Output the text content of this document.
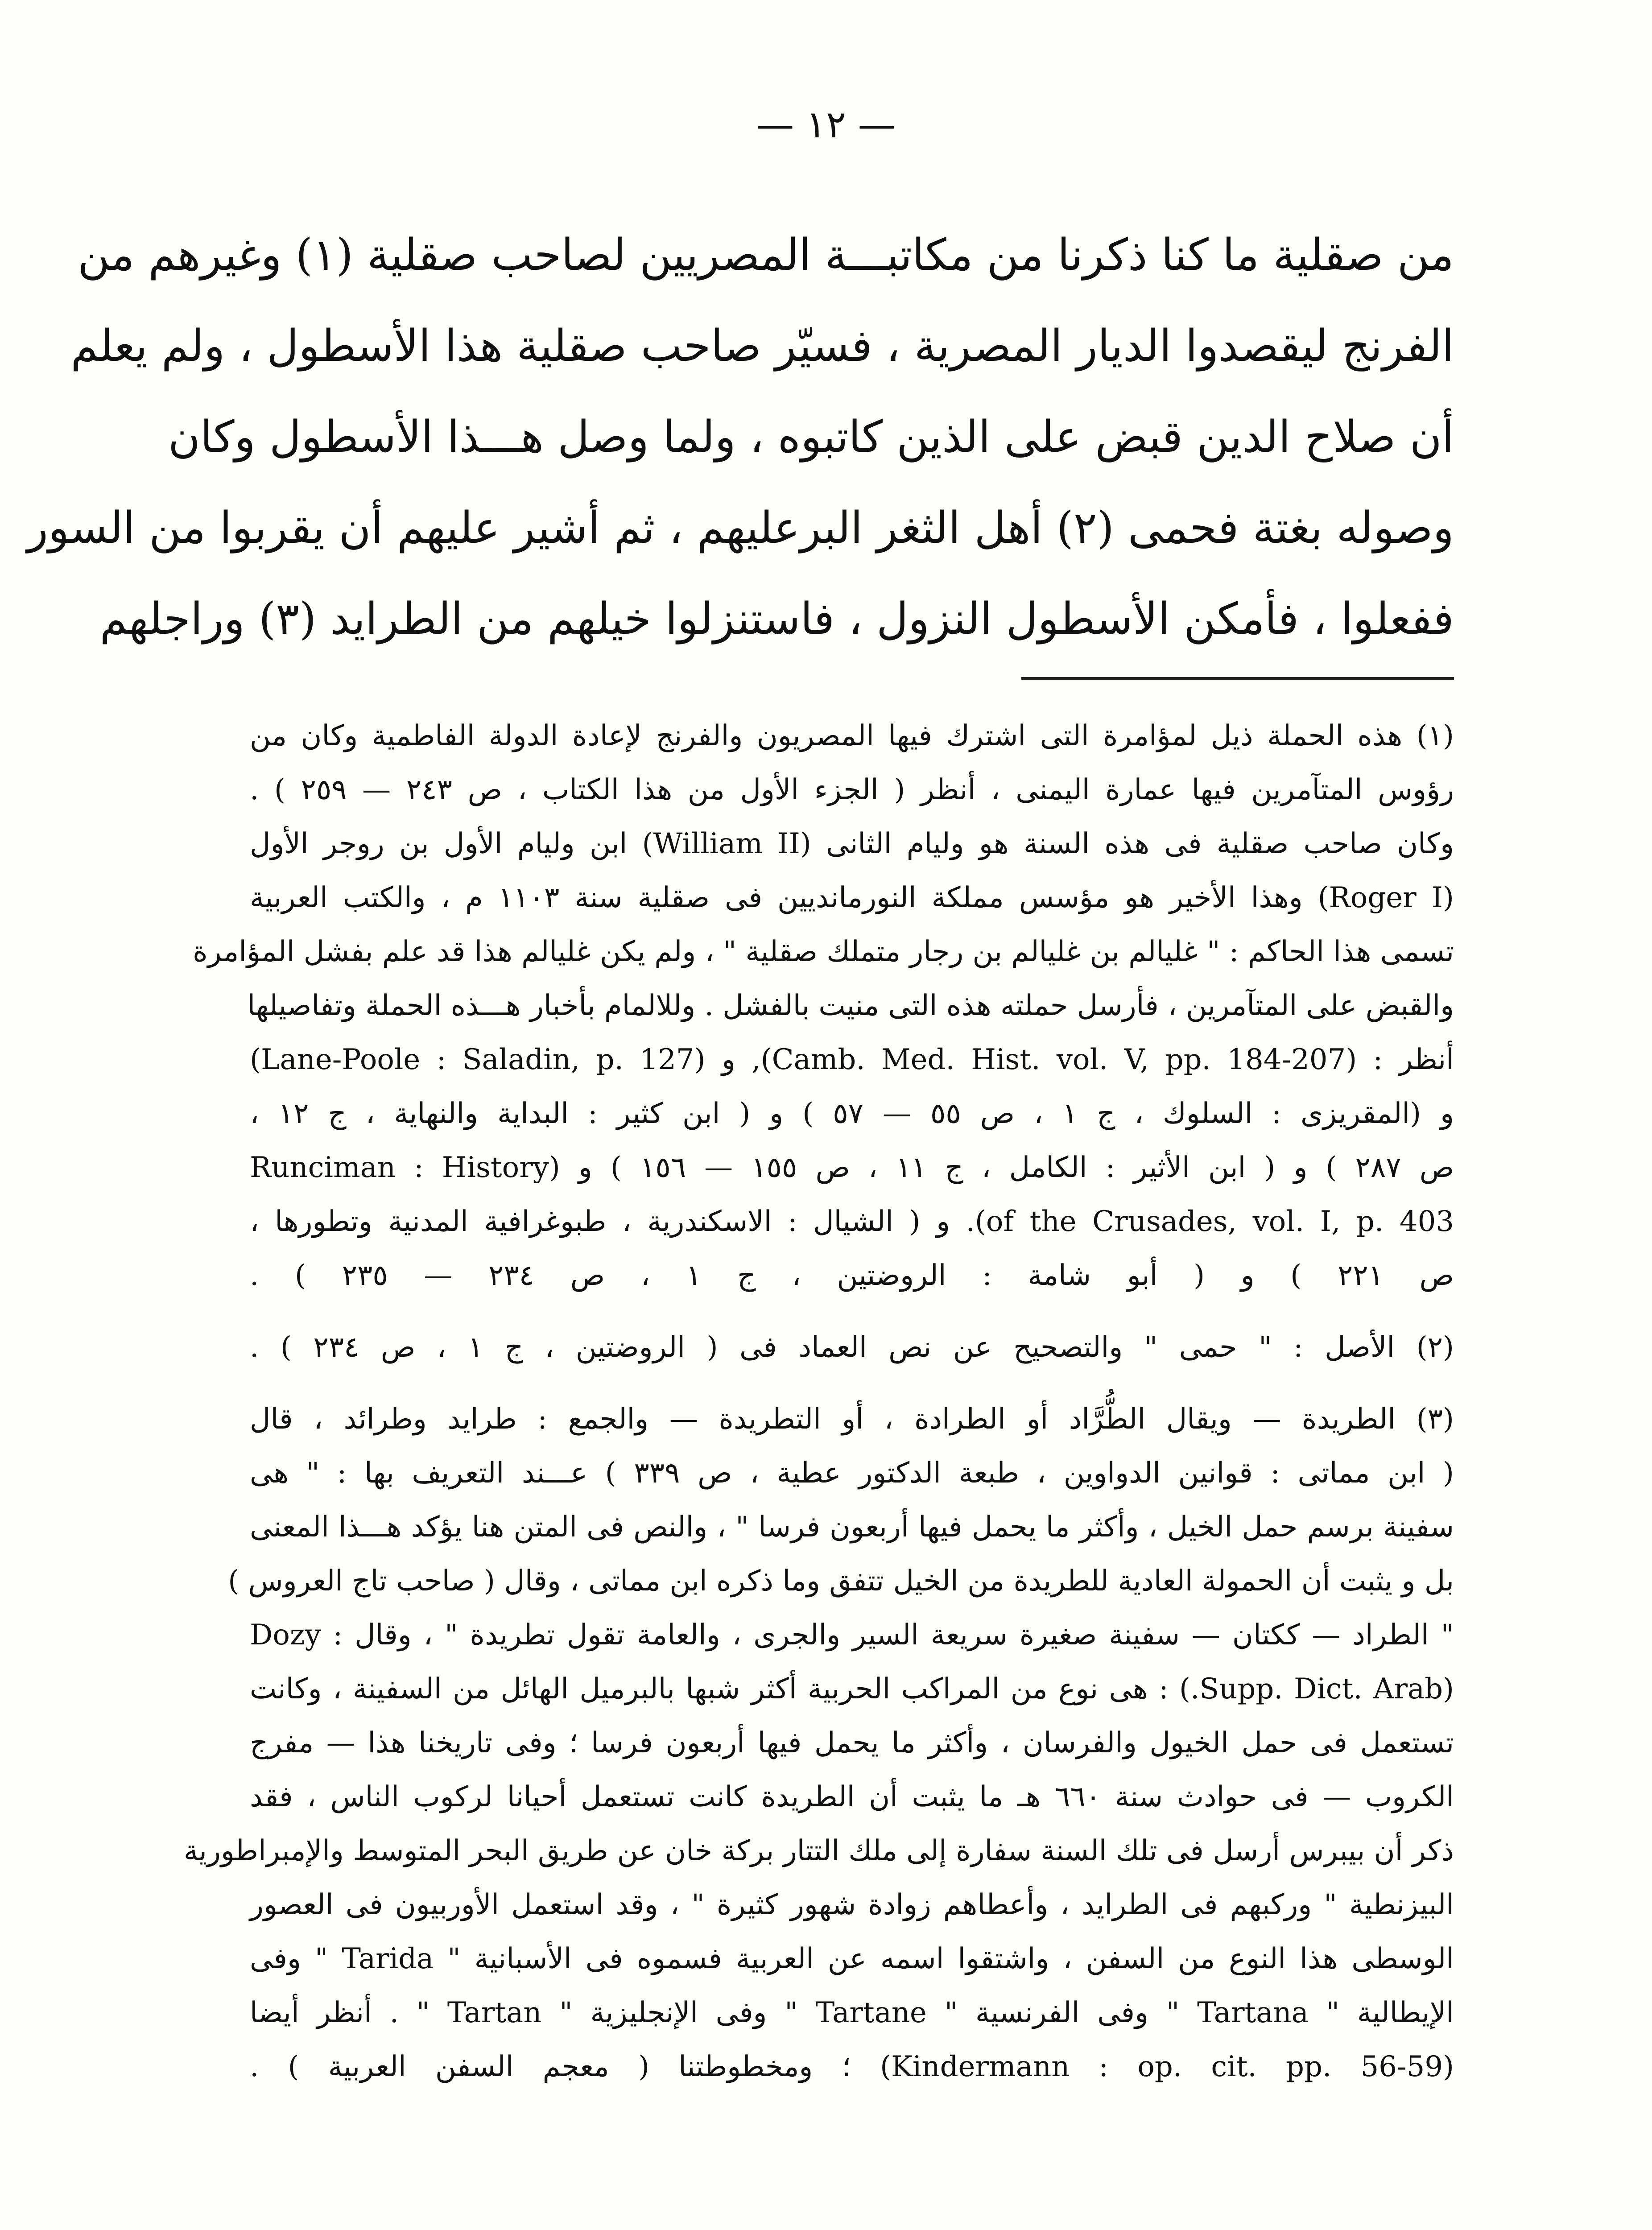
— ١٢ —
من صقلية ما كنا ذكرنا من مكاتبـــة المصريين لصاحب صقلية (١) وغيرهم من
الفرنج ليقصدوا الديار المصرية ، فسيّر صاحب صقلية هذا الأسطول ، ولم يعلم
أن صلاح الدين قبض على الذين كاتبوه ، ولما وصل هـــذا الأسطول وكان
وصوله بغتة فحمى (٢) أهل الثغر البرعليهم ، ثم أشير عليهم أن يقربوا من السور
ففعلوا ، فأمكن الأسطول النزول ، فاستنزلوا خيلهم من الطرايد (٣) وراجلهم
(١) هذه الحملة ذيل لمؤامرة التى اشترك فيها المصريون والفرنج لإعادة الدولة الفاطمية وكان من
رؤوس المتآمرين فيها عمارة اليمنى ، أنظر ( الجزء الأول من هذا الكتاب ، ص ٢٤٣ — ٢٥٩ ) .
وكان صاحب صقلية فى هذه السنة هو وليام الثانى (William II) ابن وليام الأول بن روجر الأول
(Roger I) وهذا الأخير هو مؤسس مملكة النورمانديين فى صقلية سنة ١١٠٣ م ، والكتب العربية
تسمى هذا الحاكم : " غليالم بن غليالم بن رجار متملك صقلية " ، ولم يكن غليالم هذا قد علم بفشل المؤامرة
والقبض على المتآمرين ، فأرسل حملته هذه التى منيت بالفشل . وللالمام بأخبار هـــذه الحملة وتفاصيلها
أنظر : (Camb. Med. Hist. vol. V, pp. 184-207), و (Lane-Poole : Saladin, p. 127)
و (المقريزى : السلوك ، ج ١ ، ص ٥٥ — ٥٧ ) و ( ابن كثير : البداية والنهاية ، ج ١٢ ،
ص ٢٨٧ ) و ( ابن الأثير : الكامل ، ج ١١ ، ص ١٥٥ — ١٥٦ ) و (Runciman : History
of the Crusades, vol. I, p. 403). و ( الشيال : الاسكندرية ، طبوغرافية المدنية وتطورها ،
ص ٢٢١ ) و ( أبو شامة : الروضتين ، ج ١ ، ص ٢٣٤ — ٢٣٥ ) .
(٢) الأصل : " حمى " والتصحيح عن نص العماد فى ( الروضتين ، ج ١ ، ص ٢٣٤ ) .
(٣) الطريدة — ويقال الطُّرَّاد أو الطرادة ، أو التطريدة — والجمع : طرايد وطرائد ، قال
( ابن مماتى : قوانين الدواوين ، طبعة الدكتور عطية ، ص ٣٣٩ ) عـــند التعريف بها : " هى
سفينة برسم حمل الخيل ، وأكثر ما يحمل فيها أربعون فرسا " ، والنص فى المتن هنا يؤكد هـــذا المعنى
بل و يثبت أن الحمولة العادية للطريدة من الخيل تتفق وما ذكره ابن مماتى ، وقال ( صاحب تاج العروس )
" الطراد — ككتان — سفينة صغيرة سريعة السير والجرى ، والعامة تقول تطريدة " ، وقال : Dozy
(Supp. Dict. Arab.) : هى نوع من المراكب الحربية أكثر شبها بالبرميل الهائل من السفينة ، وكانت
تستعمل فى حمل الخيول والفرسان ، وأكثر ما يحمل فيها أربعون فرسا ؛ وفى تاريخنا هذا — مفرج
الكروب — فى حوادث سنة ٦٦٠ هـ ما يثبت أن الطريدة كانت تستعمل أحيانا لركوب الناس ، فقد
ذكر أن بيبرس أرسل فى تلك السنة سفارة إلى ملك التتار بركة خان عن طريق البحر المتوسط والإمبراطورية
البيزنطية " وركبهم فى الطرايد ، وأعطاهم زوادة شهور كثيرة " ، وقد استعمل الأوربيون فى العصور
الوسطى هذا النوع من السفن ، واشتقوا اسمه عن العربية فسموه فى الأسبانية " Tarida " وفى
الإيطالية " Tartana " وفى الفرنسية " Tartane " وفى الإنجليزية " Tartan " . أنظر أيضا
(Kindermann : op. cit. pp. 56-59) ؛ ومخطوطتنا ( معجم السفن العربية ) .
